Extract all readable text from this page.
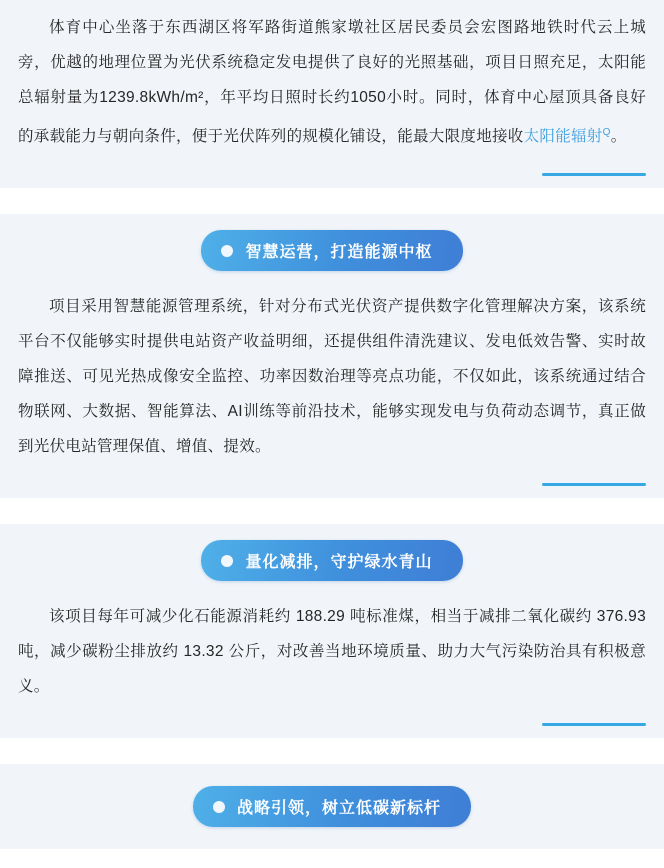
体育中心坐落于东西湖区将军路街道熊家墩社区居民委员会宏图路地铁时代云上城旁，优越的地理位置为光伏系统稳定发电提供了良好的光照基础，项目日照充足，太阳能总辐射量为1239.8kWh/m²，年平均日照时长约1050小时。同时，体育中心屋顶具备良好的承载能力与朝向条件，便于光伏阵列的规模化铺设，能最大限度地接收太阳能辐射$^Q$。

智慧运营，打造能源中枢

项目采用智慧能源管理系统，针对分布式光伏资产提供数字化管理解决方案，该系统平台不仅能够实时提供电站资产收益明细，还提供组件清洗建议、发电低效告警、实时故障推送、可见光热成像安全监控、功率因数治理等亮点功能，不仅如此，该系统通过结合物联网、大数据、智能算法、AI训练等前沿技术，能够实现发电与负荷动态调节，真正做到光伏电站管理保值、增值、提效。

量化减排，守护绿水青山

该项目每年可减少化石能源消耗约 188.29 吨标准煤，相当于减排二氧化碳约 376.93 吨，减少碳粉尘排放约 13.32 公斤，对改善当地环境质量、助力大气污染防治具有积极意义。

战略引领，树立低碳新标杆
